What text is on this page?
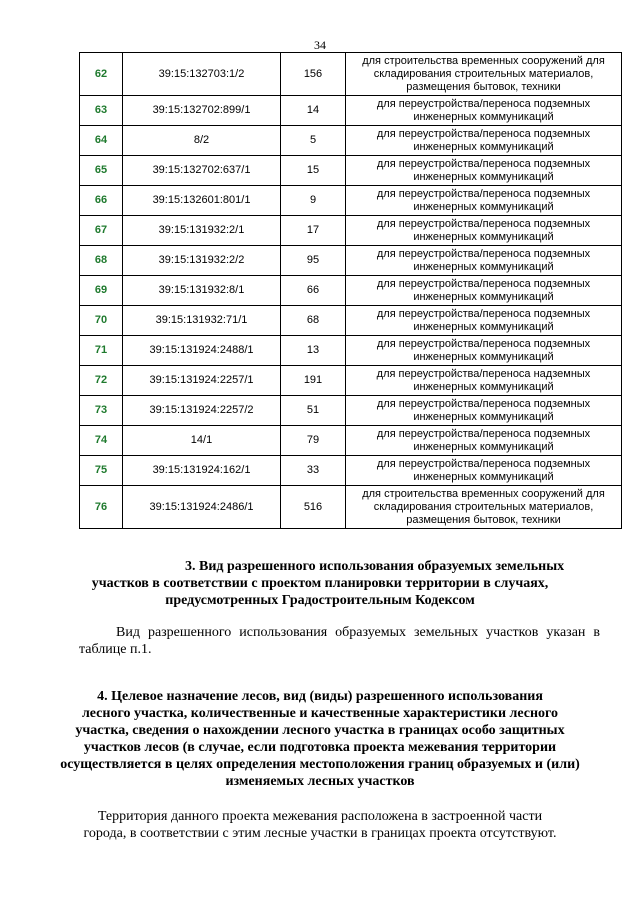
34
62	39:15:132703:1/2	156	для строительства временных сооружений для складирования строительных материалов, размещения бытовок, техники
63	39:15:132702:899/1	14	для переустройства/переноса подземных инженерных коммуникаций
64	8/2	5	для переустройства/переноса подземных инженерных коммуникаций
65	39:15:132702:637/1	15	для переустройства/переноса подземных инженерных коммуникаций
66	39:15:132601:801/1	9	для переустройства/переноса подземных инженерных коммуникаций
67	39:15:131932:2/1	17	для переустройства/переноса подземных инженерных коммуникаций
68	39:15:131932:2/2	95	для переустройства/переноса подземных инженерных коммуникаций
69	39:15:131932:8/1	66	для переустройства/переноса подземных инженерных коммуникаций
70	39:15:131932:71/1	68	для переустройства/переноса подземных инженерных коммуникаций
71	39:15:131924:2488/1	13	для переустройства/переноса подземных инженерных коммуникаций
72	39:15:131924:2257/1	191	для переустройства/переноса надземных инженерных коммуникаций
73	39:15:131924:2257/2	51	для переустройства/переноса подземных инженерных коммуникаций
74	14/1	79	для переустройства/переноса подземных инженерных коммуникаций
75	39:15:131924:162/1	33	для переустройства/переноса подземных инженерных коммуникаций
76	39:15:131924:2486/1	516	для строительства временных сооружений для складирования строительных материалов, размещения бытовок, техники
3. Вид разрешенного использования образуемых земельных
участков в соответствии с проектом планировки территории в случаях,
предусмотренных Градостроительным Кодексом
Вид разрешенного использования образуемых земельных участков указан в
таблице п.1.
4. Целевое назначение лесов, вид (виды) разрешенного использования
лесного участка, количественные и качественные характеристики лесного
участка, сведения о нахождении лесного участка в границах особо защитных
участков лесов (в случае, если подготовка проекта межевания территории
осуществляется в целях определения местоположения границ образуемых и (или)
изменяемых лесных участков
Территория данного проекта межевания расположена в застроенной части
города, в соответствии с этим лесные участки в границах проекта отсутствуют.
